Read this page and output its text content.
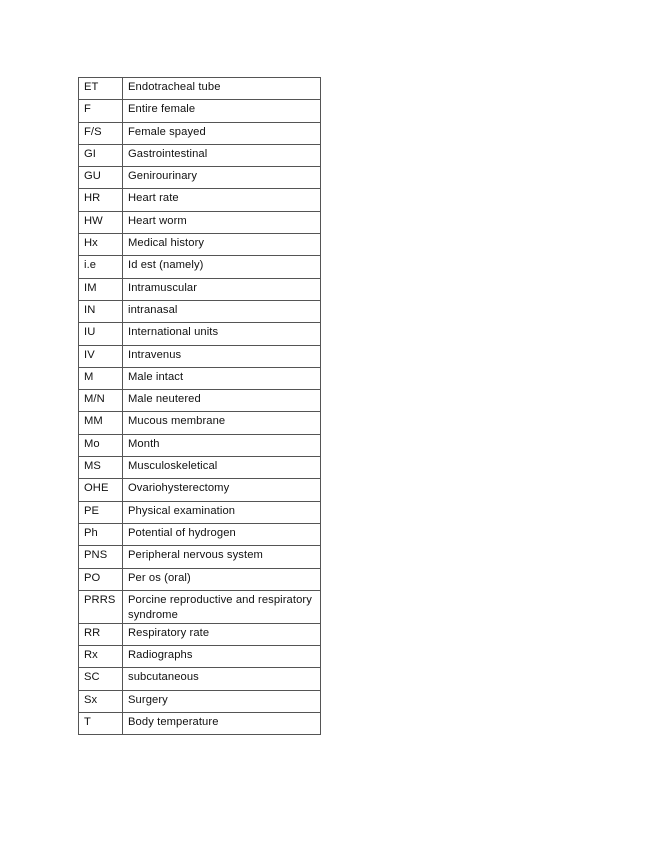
ET	Endotracheal tube
F	Entire female
F/S	Female spayed
GI	Gastrointestinal
GU	Genirourinary
HR	Heart rate
HW	Heart worm
Hx	Medical history
i.e	Id est (namely)
IM	Intramuscular
IN	intranasal
IU	International units
IV	Intravenus
M	Male intact
M/N	Male neutered
MM	Mucous membrane
Mo	Month
MS	Musculoskeletical
OHE	Ovariohysterectomy
PE	Physical examination
Ph	Potential of hydrogen
PNS	Peripheral nervous system
PO	Per os (oral)
PRRS	Porcine reproductive and respiratory syndrome
RR	Respiratory rate
Rx	Radiographs
SC	subcutaneous
Sx	Surgery
T	Body temperature
